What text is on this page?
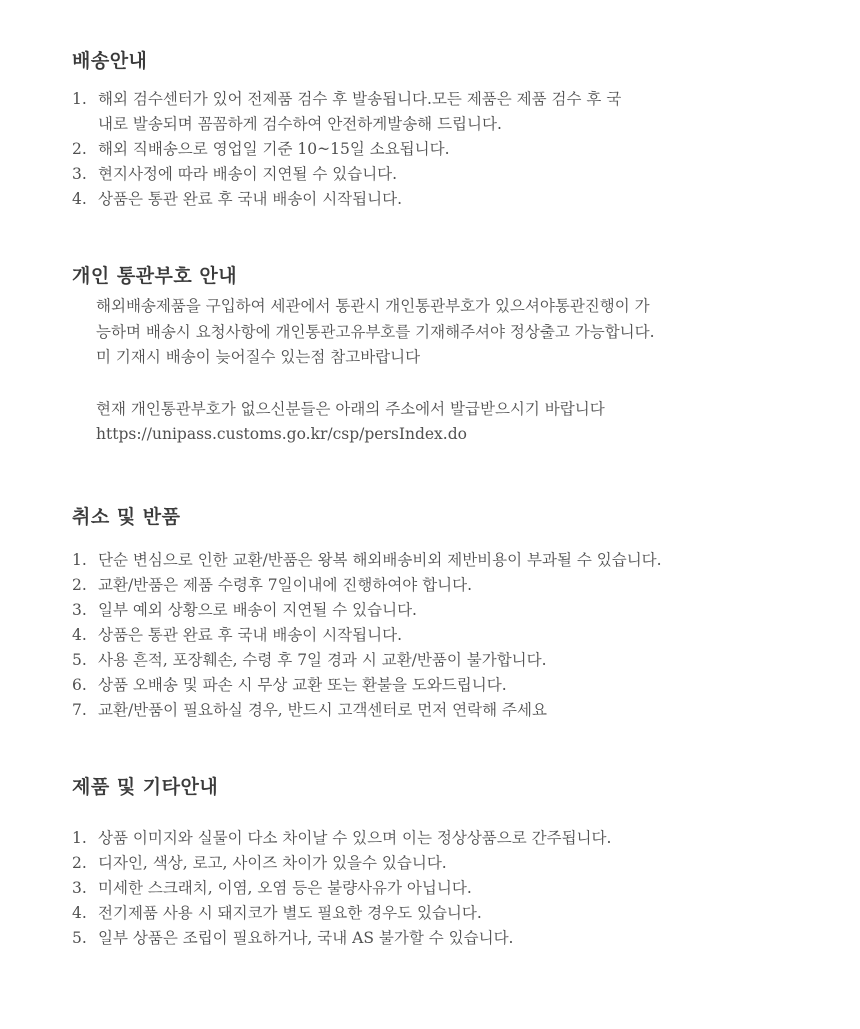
배송안내
1. 해외 검수센터가 있어 전제품 검수 후 발송됩니다.모든 제품은 제품 검수 후 국
내로 발송되며 꼼꼼하게 검수하여 안전하게발송해 드립니다.
2. 해외 직배송으로 영업일 기준 10~15일 소요됩니다.
3. 현지사정에 따라 배송이 지연될 수 있습니다.
4. 상품은 통관 완료 후 국내 배송이 시작됩니다.
개인 통관부호 안내

해외배송제품을 구입하여 세관에서 통관시 개인통관부호가 있으셔야통관진행이 가
능하며 배송시 요청사항에 개인통관고유부호를 기재해주셔야 정상출고 가능합니다.
미 기재시 배송이 늦어질수 있는점 참고바랍니다

현재 개인통관부호가 없으신분들은 아래의 주소에서 발급받으시기 바랍니다
https://unipass.customs.go.kr/csp/persIndex.do

취소 및 반품
1. 단순 변심으로 인한 교환/반품은 왕복 해외배송비외 제반비용이 부과될 수 있습니다.
2. 교환/반품은 제품 수령후 7일이내에 진행하여야 합니다.
3. 일부 예외 상황으로 배송이 지연될 수 있습니다.
4. 상품은 통관 완료 후 국내 배송이 시작됩니다.
5. 사용 흔적, 포장훼손, 수령 후 7일 경과 시 교환/반품이 불가합니다.
6. 상품 오배송 및 파손 시 무상 교환 또는 환불을 도와드립니다.
7. 교환/반품이 필요하실 경우, 반드시 고객센터로 먼저 연락해 주세요
제품 및 기타안내
1. 상품 이미지와 실물이 다소 차이날 수 있으며 이는 정상상품으로 간주됩니다.
2. 디자인, 색상, 로고, 사이즈 차이가 있을수 있습니다.
3. 미세한 스크래치, 이염, 오염 등은 불량사유가 아닙니다.
4. 전기제품 사용 시 돼지코가 별도 필요한 경우도 있습니다.
5. 일부 상품은 조립이 필요하거나, 국내 AS 불가할 수 있습니다.
